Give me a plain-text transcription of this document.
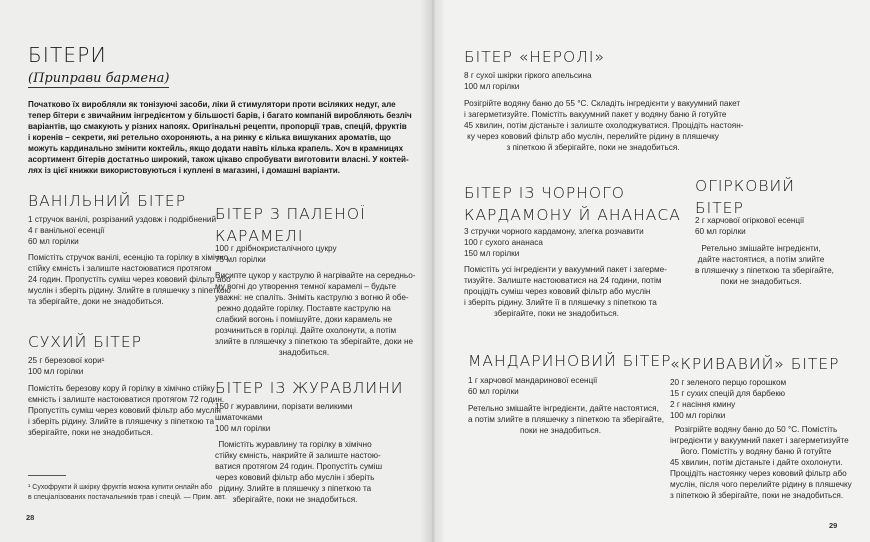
БІТЕРИ
(Приправи бармена)
Початково їх виробляли як тонізуючі засоби, ліки й стимулятори проти всіляких недуг, але
тепер бітери є звичайним інгредієнтом у більшості барів, і багато компаній виробляють безліч
варіантів, що смакують у різних напоях. Оригінальні рецепти, пропорції трав, спецій, фруктів
і коренів – секрети, які ретельно охороняють, а на ринку є кілька вишуканих ароматів, що
можуть кардинально змінити коктейль, якщо додати навіть кілька крапель. Хоч в крамницях
асортимент бітерів достатньо широкий, також цікаво спробувати виготовити власні. У коктей-
лях із цієї книжки використовуються і куплені в магазині, і домашні варіанти.
ВАНІЛЬНИЙ БІТЕР
1 стручок ванілі, розрізаний уздовж і подрібнений
4 г ванільної есенції
60 мл горілки
Помістіть стручок ванілі, есенцію та горілку в хімічно
стійку ємність і залиште настоюватися протягом
24 годин. Пропустіть суміш через кововий фільтр або
муслін і зберіть рідину. Злийте в пляшечку з піпеткою
та зберігайте, доки не знадобиться.
БІТЕР З ПАЛЕНОЇ
КАРАМЕЛІ
100 г дрібнокристалічного цукру
75 мл горілки
Висипте цукор у каструлю й нагрівайте на середньо-
му вогні до утворення темної карамелі – будьте
уважні: не спаліть. Зніміть каструлю з вогню й обе-
режно додайте горілку. Поставте каструлю на
слабкий вогонь і помішуйте, доки карамель не
розчиниться в горілці. Дайте охолонути, а потім
злийте в пляшечку з піпеткою та зберігайте, доки не
знадобиться.
СУХИЙ БІТЕР
25 г березової кори¹
100 мл горілки
Помістіть березову кору й горілку в хімічно стійку
ємність і залиште настоюватися протягом 72 годин.
Пропустіть суміш через кововий фільтр або муслін
і зберіть рідину. Злийте в пляшечку з піпеткою та
зберігайте, поки не знадобиться.
БІТЕР ІЗ ЖУРАВЛИНИ
150 г журавлини, порізати великими
шматочками
100 мл горілки
Помістіть журавлину та горілку в хімічно
стійку ємність, накрийте й залиште настою-
ватися протягом 24 годин. Пропустіть суміш
через кововий фільтр або муслін і зберіть
рідину. Злийте в пляшечку з піпеткою та
зберігайте, поки не знадобиться.
¹ Сухофрукти й шкірку фруктів можна купити онлайн або
в спеціалізованих постачальників трав і спецій. — Прим. авт.
28
БІТЕР «НЕРОЛІ»
8 г сухої шкірки гіркого апельсина
100 мл горілки
Розігрійте водяну баню до 55 °C. Складіть інгредієнти у вакуумний пакет
і загерметизуйте. Помістіть вакуумний пакет у водяну баню й готуйте
45 хвилин, потім дістаньте і залиште охолоджуватися. Процідіть настоян-
ку через кововий фільтр або муслін, перелийте рідину в пляшечку
з піпеткою й зберігайте, поки не знадобиться.
БІТЕР ІЗ ЧОРНОГО
КАРДАМОНУ Й АНАНАСА
3 стручки чорного кардамону, злегка розчавити
100 г сухого ананаса
150 мл горілки
Помістіть усі інгредієнти у вакуумний пакет і загерме-
тизуйте. Залиште настоюватися на 24 години, потім
процідіть суміш через кововий фільтр або муслін
і зберіть рідину. Злийте її в пляшечку з піпеткою та
зберігайте, поки не знадобиться.
ОГІРКОВИЙ
БІТЕР
2 г харчової огіркової есенції
60 мл горілки
Ретельно змішайте інгредієнти,
дайте настоятися, а потім злийте
в пляшечку з піпеткою та зберігайте,
поки не знадобиться.
МАНДАРИНОВИЙ БІТЕР
1 г харчової мандаринової есенції
60 мл горілки
Ретельно змішайте інгредієнти, дайте настоятися,
а потім злийте в пляшечку з піпеткою та зберігайте,
поки не знадобиться.
«КРИВАВИЙ» БІТЕР
20 г зеленого перцю горошком
15 г сухих спецій для барбекю
2 г насіння кмину
100 мл горілки
Розігрійте водяну баню до 50 °C. Помістіть
інгредієнти у вакуумний пакет і загерметизуйте
його. Помістіть у водяну баню й готуйте
45 хвилин, потім дістаньте і дайте охолонути.
Процідіть настоянку через кововий фільтр або
муслін, після чого перелийте рідину в пляшечку
з піпеткою й зберігайте, поки не знадобиться.
29
